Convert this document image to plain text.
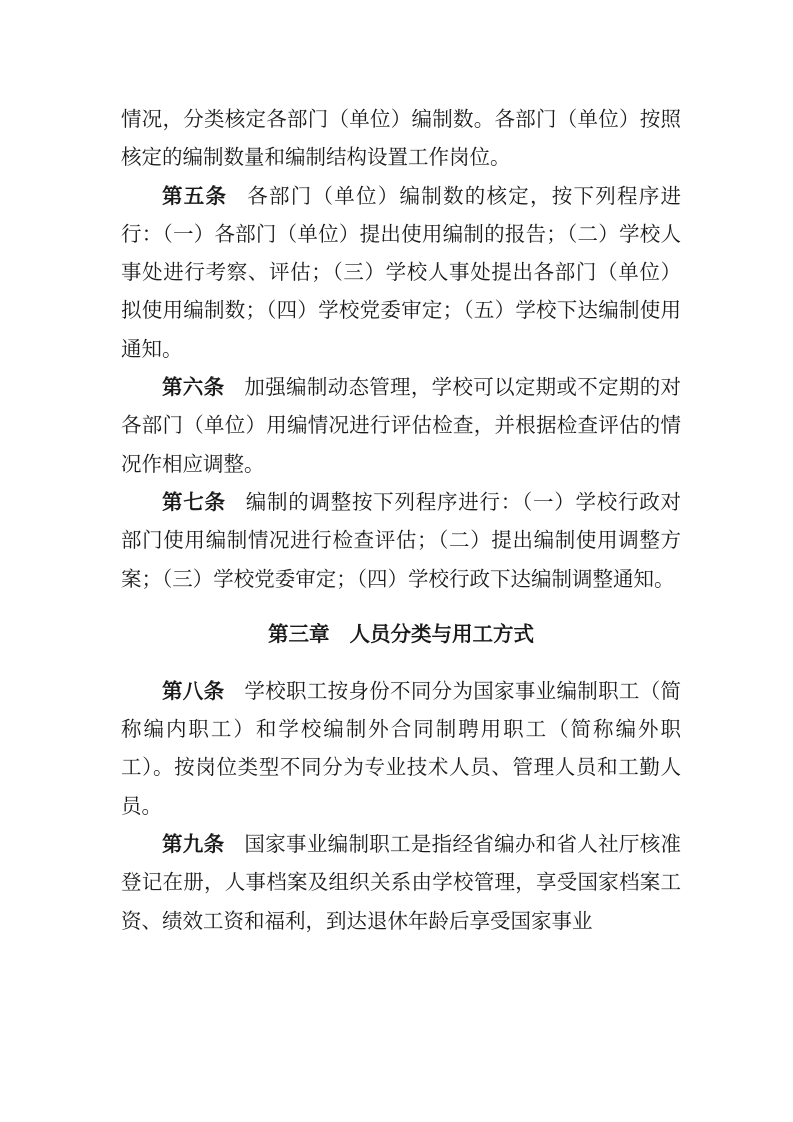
情况，分类核定各部门（单位）编制数。各部门（单位）按照核定的编制数量和编制结构设置工作岗位。

第五条 各部门（单位）编制数的核定，按下列程序进行：（一）各部门（单位）提出使用编制的报告；（二）学校人事处进行考察、评估；（三）学校人事处提出各部门（单位）拟使用编制数；（四）学校党委审定；（五）学校下达编制使用通知。

第六条 加强编制动态管理，学校可以定期或不定期的对各部门（单位）用编情况进行评估检查，并根据检查评估的情况作相应调整。

第七条 编制的调整按下列程序进行：（一）学校行政对部门使用编制情况进行检查评估；（二）提出编制使用调整方案；（三）学校党委审定；（四）学校行政下达编制调整通知。

第三章 人员分类与用工方式

第八条 学校职工按身份不同分为国家事业编制职工（简称编内职工）和学校编制外合同制聘用职工（简称编外职工）。按岗位类型不同分为专业技术人员、管理人员和工勤人员。

第九条 国家事业编制职工是指经省编办和省人社厅核准登记在册，人事档案及组织关系由学校管理，享受国家档案工资、绩效工资和福利，到达退休年龄后享受国家事业
